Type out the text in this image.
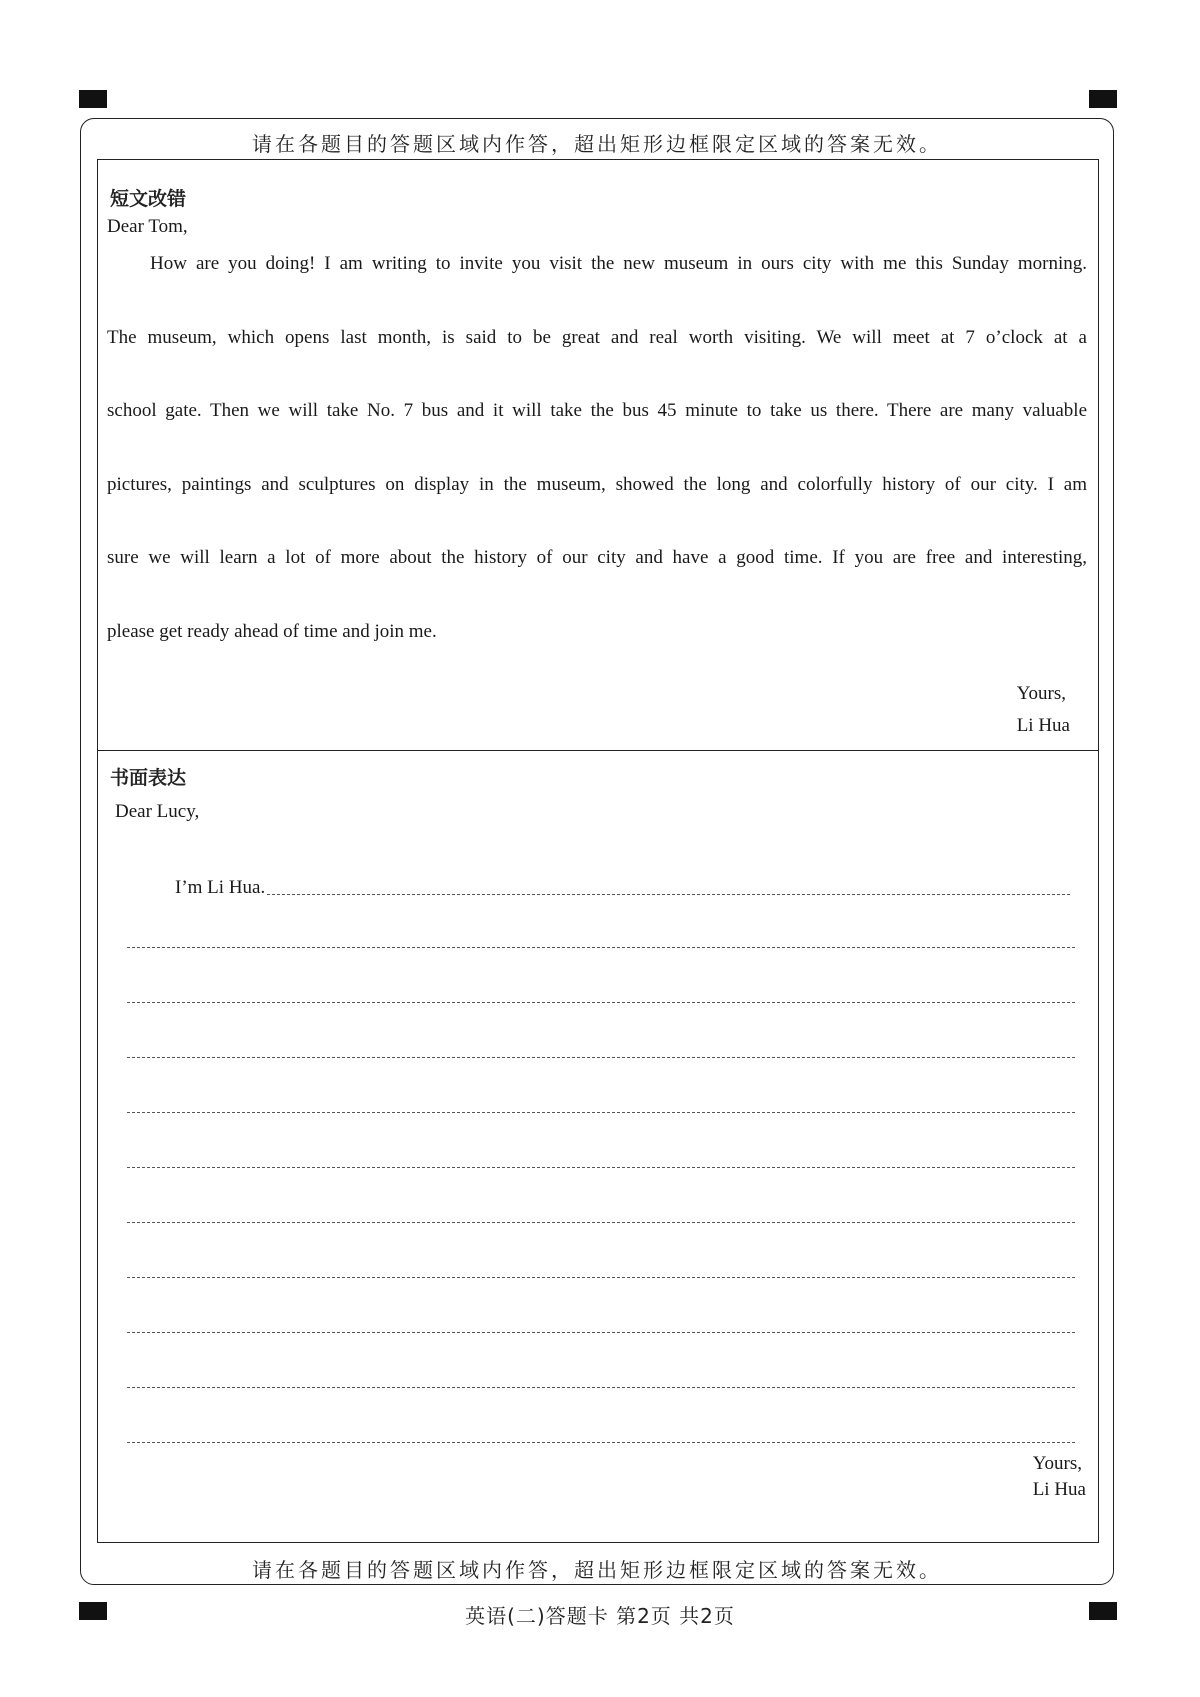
请在各题目的答题区域内作答，超出矩形边框限定区域的答案无效。
短文改错
Dear Tom,
How are you doing! I am writing to invite you visit the new museum in ours city with me this Sunday morning.
The museum, which opens last month, is said to be great and real worth visiting. We will meet at 7 o’clock at a
school gate. Then we will take No. 7 bus and it will take the bus 45 minute to take us there. There are many valuable
pictures, paintings and sculptures on display in the museum, showed the long and colorfully history of our city. I am
sure we will learn a lot of more about the history of our city and have a good time. If you are free and interesting,
please get ready ahead of time and join me.
Yours,
Li Hua
书面表达
Dear Lucy,
I’m Li Hua.
Yours,
Li Hua
请在各题目的答题区域内作答，超出矩形边框限定区域的答案无效。
英语(二)答题卡 第2页 共2页
